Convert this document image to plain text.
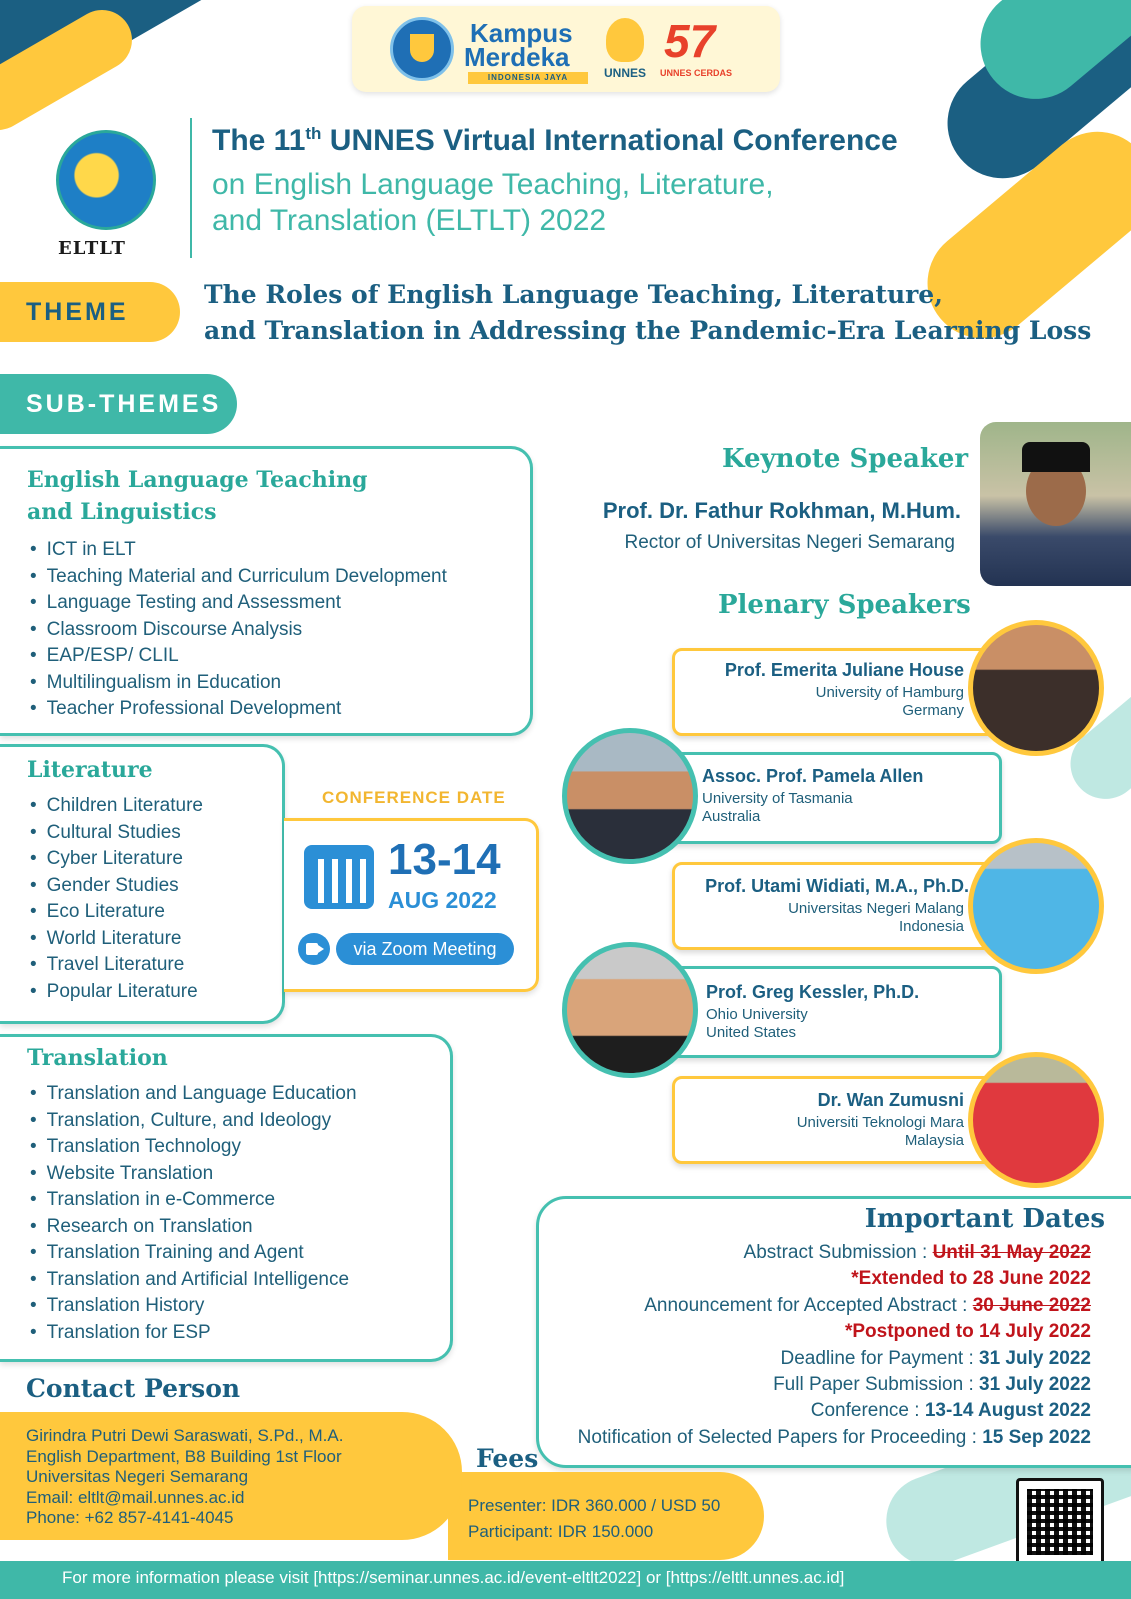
Kampus
Merdeka
INDONESIA JAYA	UNNES
57
UNNES CERDAS
ELTLT
The 11th UNNES Virtual International Conference
on English Language Teaching, Literature,
and Translation (ELTLT) 2022
THEME
The Roles of English Language Teaching, Literature,
and Translation in Addressing the Pandemic-Era Learning Loss
SUB-THEMES
English Language Teaching
and Linguistics
• ICT in ELT
• Teaching Material and Curriculum Development
• Language Testing and Assessment
• Classroom Discourse Analysis
• EAP/ESP/ CLIL
• Multilingualism in Education
• Teacher Professional Development
Literature
• Children Literature
• Cultural Studies
• Cyber Literature
• Gender Studies
• Eco Literature
• World Literature
• Travel Literature
• Popular Literature
CONFERENCE DATE
13-14
AUG 2022
via Zoom Meeting
Translation
• Translation and Language Education
• Translation, Culture, and Ideology
• Translation Technology
• Website Translation
• Translation in e-Commerce
• Research on Translation
• Translation Training and Agent
• Translation and Artificial Intelligence
• Translation History
• Translation for ESP
Keynote Speaker
Prof. Dr. Fathur Rokhman, M.Hum.
Rector of Universitas Negeri Semarang
Plenary Speakers
Prof. Emerita Juliane House
University of Hamburg
Germany
Assoc. Prof. Pamela Allen
University of Tasmania
Australia
Prof. Utami Widiati, M.A., Ph.D.
Universitas Negeri Malang
Indonesia
Prof. Greg Kessler, Ph.D.
Ohio University
United States
Dr. Wan Zumusni
Universiti Teknologi Mara
Malaysia
Important Dates
Abstract Submission : Until 31 May 2022
*Extended to 28 June 2022
Announcement for Accepted Abstract : 30 June 2022
*Postponed to 14 July 2022
Deadline for Payment : 31 July 2022
Full Paper Submission : 31 July 2022
Conference : 13-14 August 2022
Notification of Selected Papers for Proceeding : 15 Sep 2022
Contact Person
Girindra Putri Dewi Saraswati, S.Pd., M.A.
English Department, B8 Building 1st Floor
Universitas Negeri Semarang
Email: eltlt@mail.unnes.ac.id
Phone: +62 857-4141-4045
Fees
Presenter: IDR 360.000 / USD 50
Participant: IDR 150.000
For more information please visit [https://seminar.unnes.ac.id/event-eltlt2022] or [https://eltlt.unnes.ac.id]
